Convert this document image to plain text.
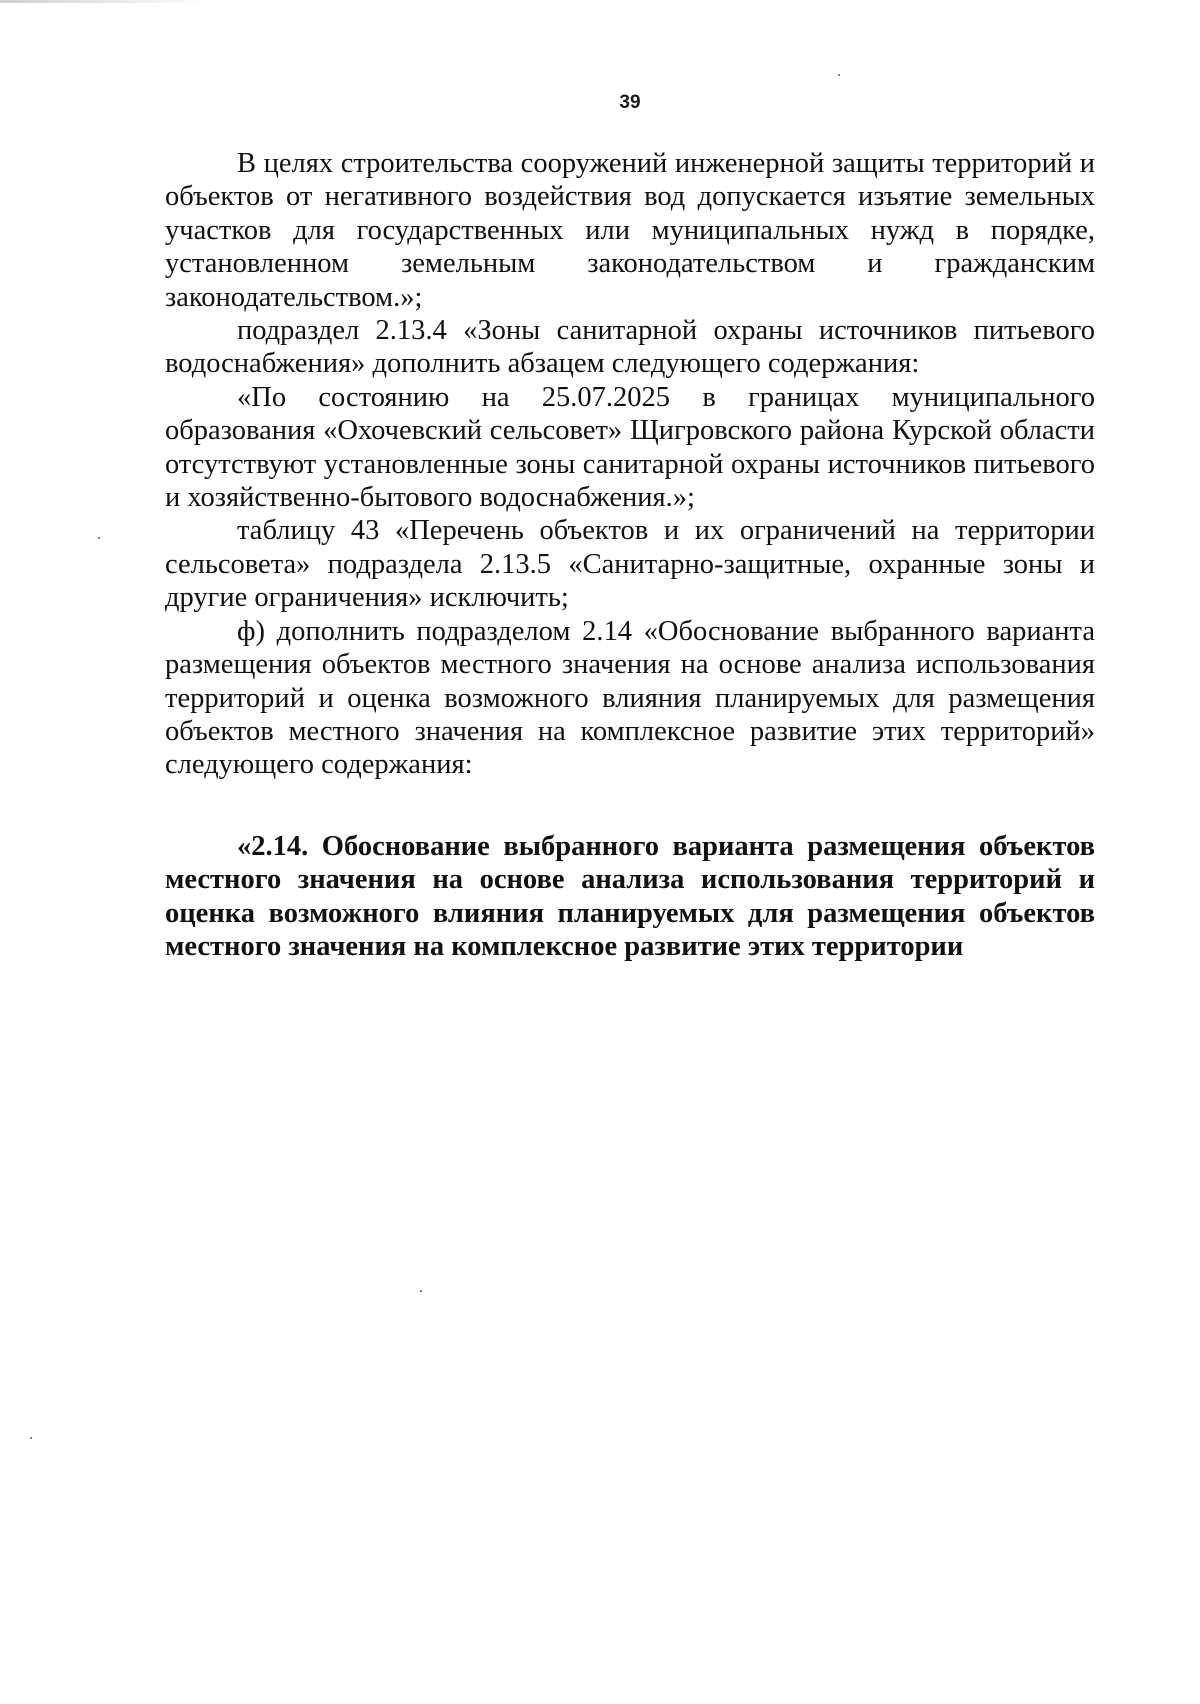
39

В целях строительства сооружений инженерной защиты территорий и объектов от негативного воздействия вод допускается изъятие земельных участков для государственных или муниципальных нужд в порядке, установленном земельным законодательством и гражданским законодательством.»;

подраздел 2.13.4 «Зоны санитарной охраны источников питьевого водоснабжения» дополнить абзацем следующего содержания:

«По состоянию на 25.07.2025 в границах муниципального образования «Охочевский сельсовет» Щигровского района Курской области отсутствуют установленные зоны санитарной охраны источников питьевого и хозяйственно-бытового водоснабжения.»;

таблицу 43 «Перечень объектов и их ограничений на территории сельсовета» подраздела 2.13.5 «Санитарно-защитные, охранные зоны и другие ограничения» исключить;

ф) дополнить подразделом 2.14 «Обоснование выбранного варианта размещения объектов местного значения на основе анализа использования территорий и оценка возможного влияния планируемых для размещения объектов местного значения на комплексное развитие этих территорий» следующего содержания:

«2.14. Обоснование выбранного варианта размещения объектов местного значения на основе анализа использования территорий и оценка возможного влияния планируемых для размещения объектов местного значения на комплексное развитие этих территории
